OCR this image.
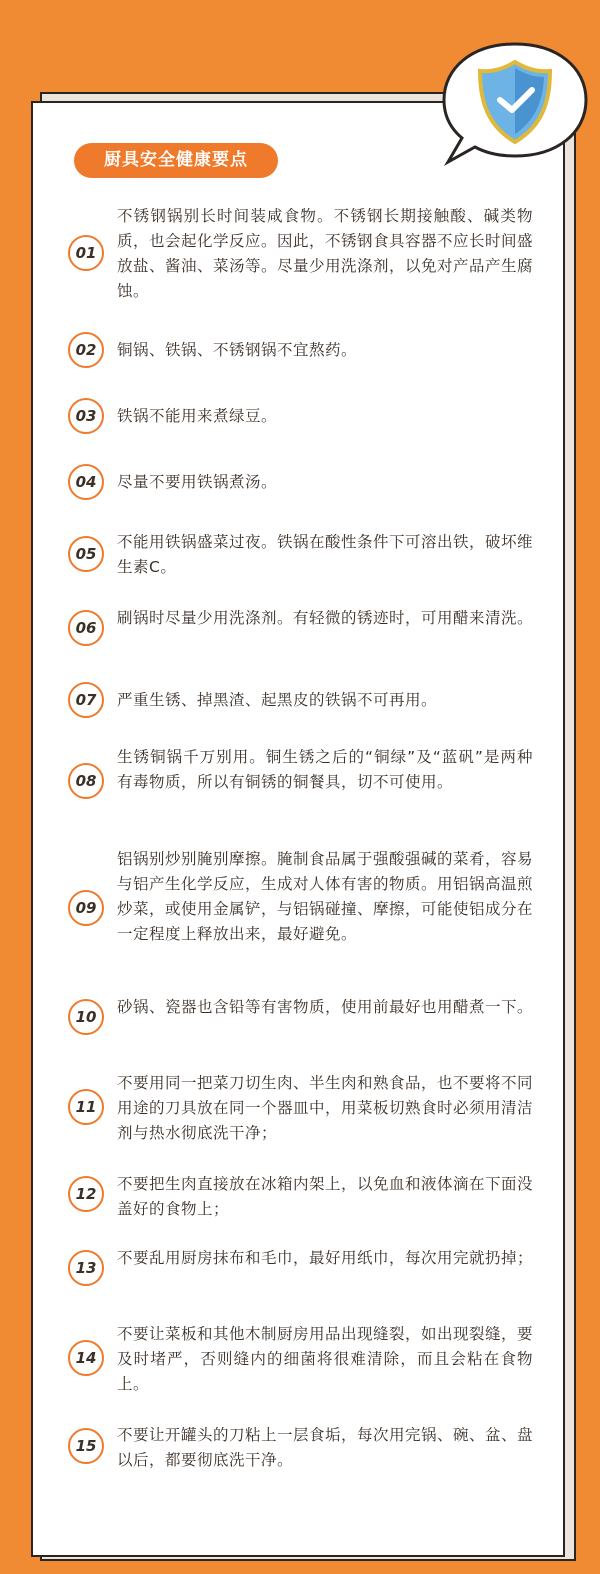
厨具安全健康要点
01
不锈钢锅别长时间装咸食物。不锈钢长期接触酸、碱类物质，也会起化学反应。因此，不锈钢食具容器不应长时间盛放盐、酱油、菜汤等。尽量少用洗涤剂，以免对产品产生腐蚀。
02	铜锅、铁锅、不锈钢锅不宜熬药。
03	铁锅不能用来煮绿豆。
04	尽量不要用铁锅煮汤。
05
不能用铁锅盛菜过夜。铁锅在酸性条件下可溶出铁，破坏维生素C。
06
刷锅时尽量少用洗涤剂。有轻微的锈迹时，可用醋来清洗。
07	严重生锈、掉黑渣、起黑皮的铁锅不可再用。
08
生锈铜锅千万别用。铜生锈之后的“铜绿”及“蓝矾”是两种有毒物质，所以有铜锈的铜餐具，切不可使用。
09
铝锅别炒别腌别摩擦。腌制食品属于强酸强碱的菜肴，容易与铝产生化学反应，生成对人体有害的物质。用铝锅高温煎炒菜，或使用金属铲，与铝锅碰撞、摩擦，可能使铝成分在一定程度上释放出来，最好避免。
10
砂锅、瓷器也含铅等有害物质，使用前最好也用醋煮一下。
11
不要用同一把菜刀切生肉、半生肉和熟食品，也不要将不同用途的刀具放在同一个器皿中，用菜板切熟食时必须用清洁剂与热水彻底洗干净；
12
不要把生肉直接放在冰箱内架上，以免血和液体滴在下面没盖好的食物上；
13
不要乱用厨房抹布和毛巾，最好用纸巾，每次用完就扔掉；
14
不要让菜板和其他木制厨房用品出现缝裂，如出现裂缝，要及时堵严，否则缝内的细菌将很难清除，而且会粘在食物上。
15
不要让开罐头的刀粘上一层食垢，每次用完锅、碗、盆、盘以后，都要彻底洗干净。
